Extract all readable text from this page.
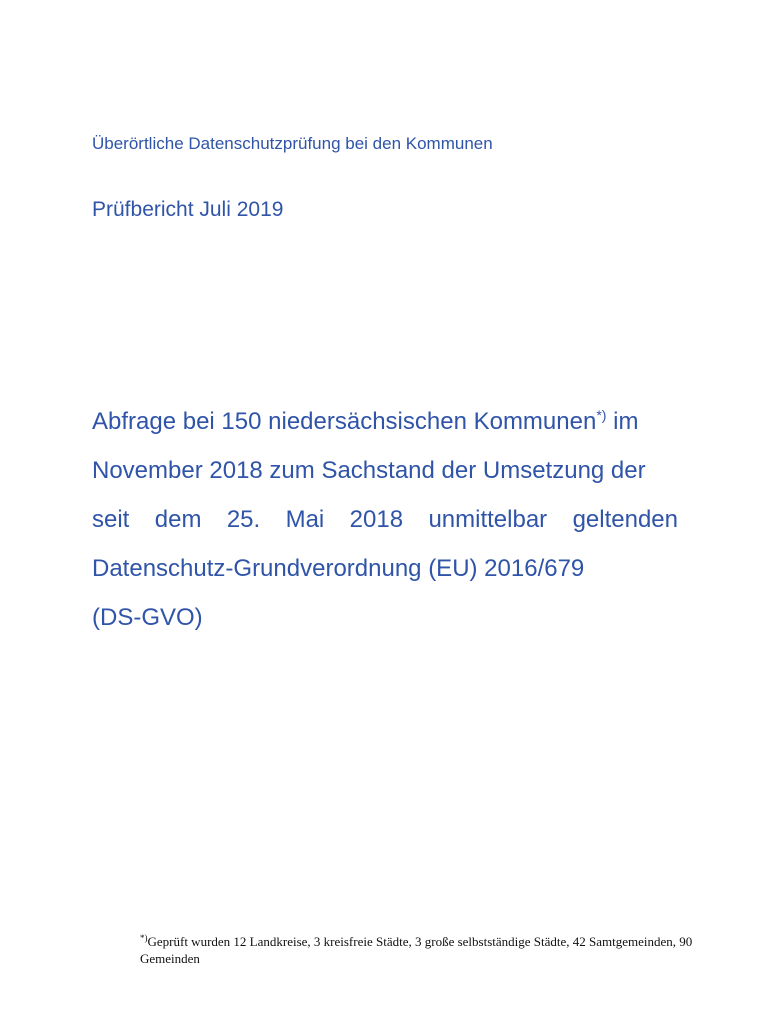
Überörtliche Datenschutzprüfung bei den Kommunen

Prüfbericht Juli 2019
Abfrage bei 150 niedersächsischen Kommunen*) im
November 2018 zum Sachstand der Umsetzung der
seit dem 25. Mai 2018 unmittelbar geltenden
Datenschutz-Grundverordnung (EU) 2016/679
(DS-GVO)

*)Geprüft wurden 12 Landkreise, 3 kreisfreie Städte, 3 große selbstständige Städte, 42 Samtgemeinden, 90 Gemeinden
